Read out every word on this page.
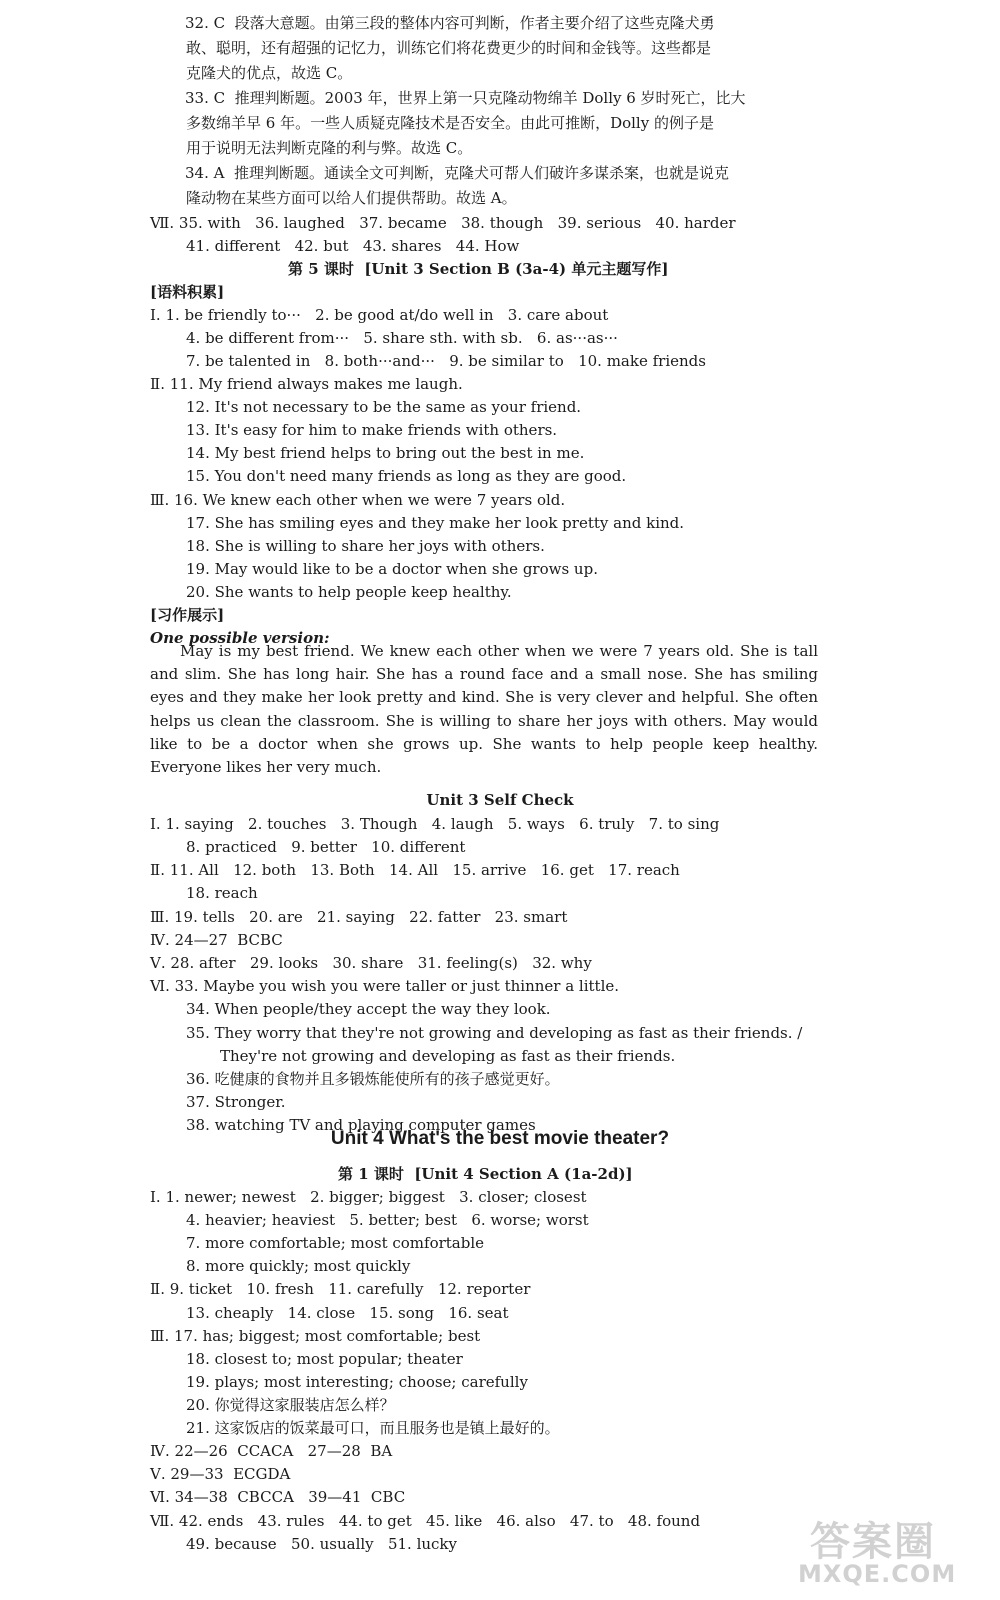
May is my best friend. We knew each other when we were 7 years old. She is tall and slim. She has long hair. She has a round face and a small nose. She has smiling eyes and they make her look pretty and kind. She is very clever and helpful. She often helps us clean the classroom. She is willing to share her joys with others. May would like to be a doctor when she grows up. She wants to help people keep healthy. Everyone likes her very much.
答案圈
MXQE.COM
32. C  段落大意题。由第三段的整体内容可判断，作者主要介绍了这些克隆犬勇
敢、聪明，还有超强的记忆力，训练它们将花费更少的时间和金钱等。这些都是
克隆犬的优点，故选 C。
33. C  推理判断题。2003 年，世界上第一只克隆动物绵羊 Dolly 6 岁时死亡，比大
多数绵羊早 6 年。一些人质疑克隆技术是否安全。由此可推断，Dolly 的例子是
用于说明无法判断克隆的利与弊。故选 C。
34. A  推理判断题。通读全文可判断，克隆犬可帮人们破许多谋杀案，也就是说克
隆动物在某些方面可以给人们提供帮助。故选 A。
Ⅶ. 35. with   36. laughed   37. became   38. though   39. serious   40. harder
41. different   42. but   43. shares   44. How
第 5 课时  [Unit 3 Section B (3a-4) 单元主题写作]
[语料积累]
Ⅰ. 1. be friendly to···   2. be good at/do well in   3. care about
4. be different from···   5. share sth. with sb.   6. as···as···
7. be talented in   8. both···and···   9. be similar to   10. make friends
Ⅱ. 11. My friend always makes me laugh.
12. It's not necessary to be the same as your friend.
13. It's easy for him to make friends with others.
14. My best friend helps to bring out the best in me.
15. You don't need many friends as long as they are good.
Ⅲ. 16. We knew each other when we were 7 years old.
17. She has smiling eyes and they make her look pretty and kind.
18. She is willing to share her joys with others.
19. May would like to be a doctor when she grows up.
20. She wants to help people keep healthy.
[习作展示]
One possible version:
Unit 3 Self Check
Ⅰ. 1. saying   2. touches   3. Though   4. laugh   5. ways   6. truly   7. to sing
8. practiced   9. better   10. different
Ⅱ. 11. All   12. both   13. Both   14. All   15. arrive   16. get   17. reach
18. reach
Ⅲ. 19. tells   20. are   21. saying   22. fatter   23. smart
Ⅳ. 24—27  BCBC
Ⅴ. 28. after   29. looks   30. share   31. feeling(s)   32. why
Ⅵ. 33. Maybe you wish you were taller or just thinner a little.
34. When people/they accept the way they look.
35. They worry that they're not growing and developing as fast as their friends. /
They're not growing and developing as fast as their friends.
36. 吃健康的食物并且多锻炼能使所有的孩子感觉更好。
37. Stronger.
38. watching TV and playing computer games
Unit 4 What's the best movie theater?
第 1 课时  [Unit 4 Section A (1a-2d)]
Ⅰ. 1. newer; newest   2. bigger; biggest   3. closer; closest
4. heavier; heaviest   5. better; best   6. worse; worst
7. more comfortable; most comfortable
8. more quickly; most quickly
Ⅱ. 9. ticket   10. fresh   11. carefully   12. reporter
13. cheaply   14. close   15. song   16. seat
Ⅲ. 17. has; biggest; most comfortable; best
18. closest to; most popular; theater
19. plays; most interesting; choose; carefully
20. 你觉得这家服装店怎么样？
21. 这家饭店的饭菜最可口，而且服务也是镇上最好的。
Ⅳ. 22—26  CCACA   27—28  BA
Ⅴ. 29—33  ECGDA
Ⅵ. 34—38  CBCCA   39—41  CBC
Ⅶ. 42. ends   43. rules   44. to get   45. like   46. also   47. to   48. found
49. because   50. usually   51. lucky
